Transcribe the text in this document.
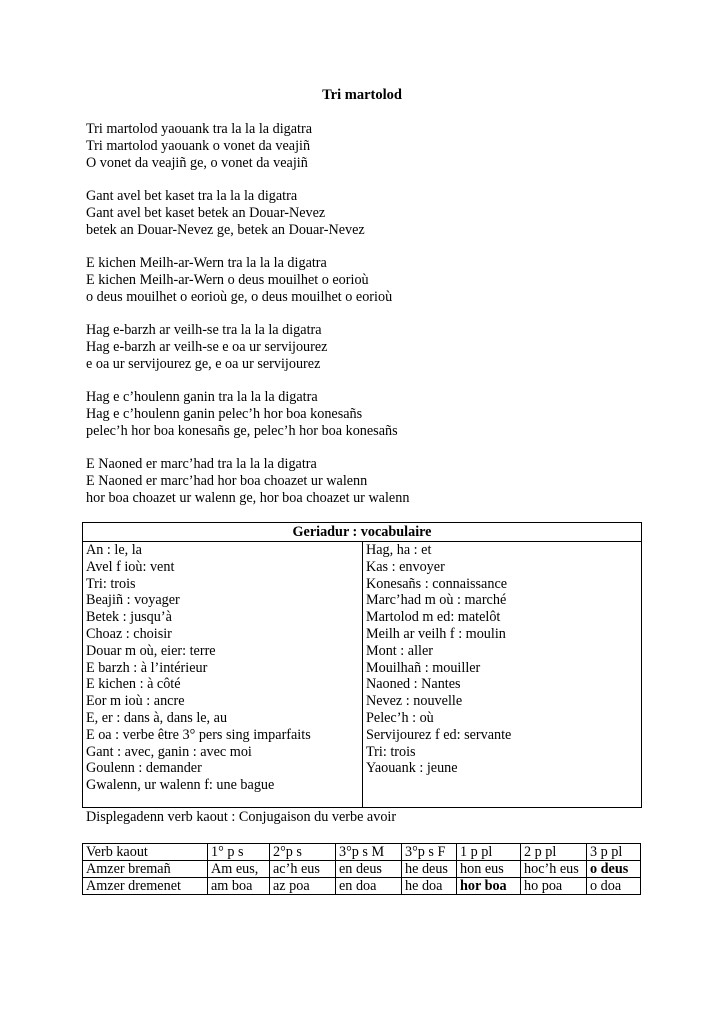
Tri martolod
Tri martolod yaouank tra la la la digatra
Tri martolod yaouank o vonet da veajiñ
O vonet da veajiñ ge, o vonet da veajiñ
Gant avel bet kaset tra la la la digatra
Gant avel bet kaset betek an Douar-Nevez
betek an Douar-Nevez ge, betek an Douar-Nevez
E kichen Meilh-ar-Wern tra la la la digatra
E kichen Meilh-ar-Wern o deus mouilhet o eorioù
o deus mouilhet o eorioù ge, o deus mouilhet o eorioù
Hag e-barzh ar veilh-se tra la la la digatra
Hag e-barzh ar veilh-se e oa ur servijourez
e oa ur servijourez ge, e oa ur servijourez
Hag e c’houlenn ganin tra la la la digatra
Hag e c’houlenn ganin pelec’h hor boa konesañs
pelec’h hor boa konesañs ge, pelec’h hor boa konesañs
E Naoned er marc’had tra la la la digatra
E Naoned er marc’had hor boa choazet ur walenn
hor boa choazet ur walenn ge, hor boa choazet ur walenn
Geriadur : vocabulaire
An : le, la
Avel f ioù: vent
Tri: trois
Beajiñ : voyager
Betek : jusqu’à
Choaz : choisir
Douar m où, eier: terre
E barzh : à l’intérieur
E kichen : à côté
Eor m ioù : ancre
E, er : dans à, dans le, au
E oa : verbe être 3° pers sing imparfaits
Gant : avec, ganin : avec moi
Goulenn : demander
Gwalenn, ur walenn f: une bague
Hag, ha : et
Kas : envoyer
Konesañs : connaissance
Marc’had m où : marché
Martolod m ed: matelôt
Meilh ar veilh f : moulin
Mont : aller
Mouilhañ : mouiller
Naoned : Nantes
Nevez : nouvelle
Pelec’h : où
Servijourez f ed: servante
Tri: trois
Yaouank : jeune
Displegadenn verb kaout : Conjugaison du verbe avoir
Verb kaout	1° p s	2°p s	3°p s M	3°p s F	1 p pl	2 p pl	3 p pl
Amzer bremañ	Am eus,	ac’h eus	en deus	he deus	hon eus	hoc’h eus	o deus
Amzer dremenet	am boa	az poa	en doa	he doa	hor boa	ho poa	o doa
